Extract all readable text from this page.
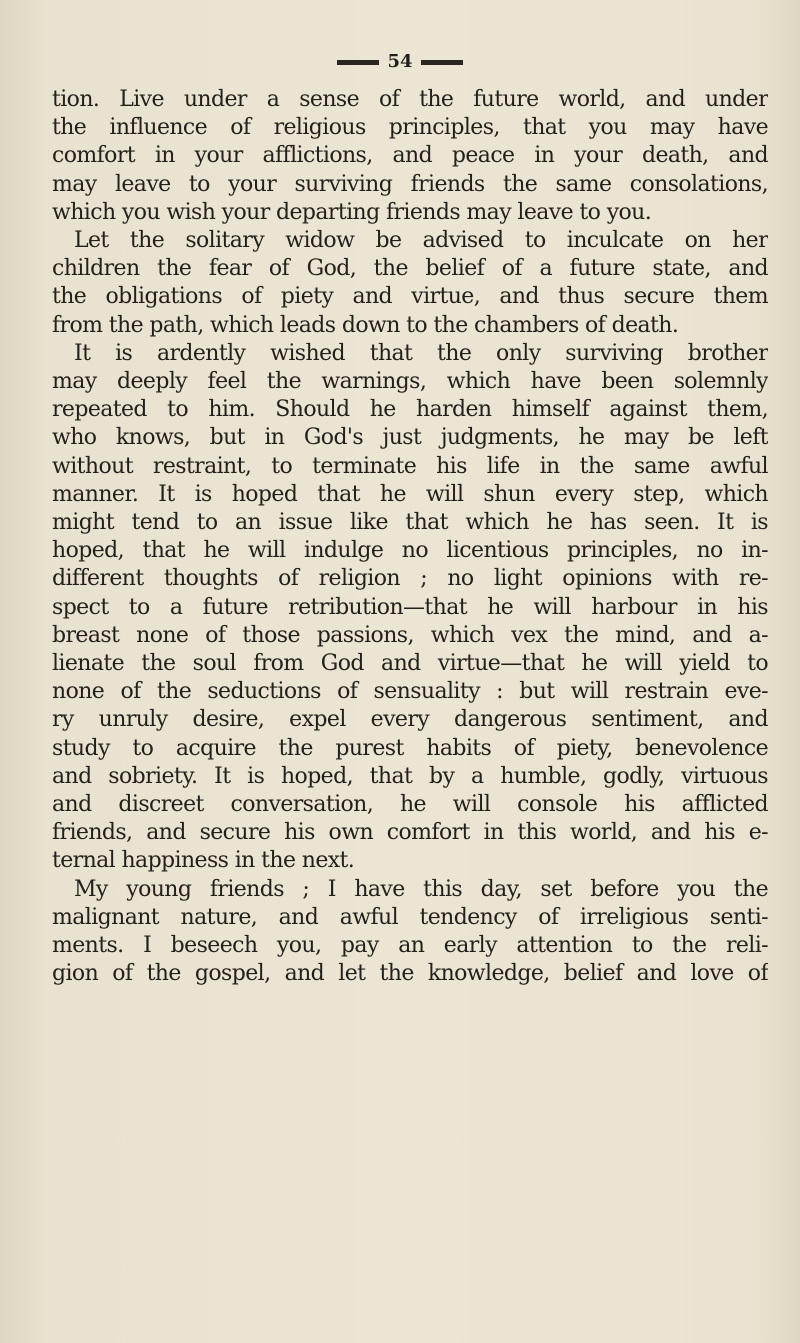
54
tion. Live under a sense of the future world, and under
the influence of religious principles, that you may have
comfort in your afflictions, and peace in your death, and
may leave to your surviving friends the same consolations,
which you wish your departing friends may leave to you.
Let the solitary widow be advised to inculcate on her
children the fear of God, the belief of a future state, and
the obligations of piety and virtue, and thus secure them
from the path, which leads down to the chambers of death.
It is ardently wished that the only surviving brother
may deeply feel the warnings, which have been solemnly
repeated to him. Should he harden himself against them,
who knows, but in God's just judgments, he may be left
without restraint, to terminate his life in the same awful
manner. It is hoped that he will shun every step, which
might tend to an issue like that which he has seen. It is
hoped, that he will indulge no licentious principles, no in-
different thoughts of religion ; no light opinions with re-
spect to a future retribution—that he will harbour in his
breast none of those passions, which vex the mind, and a-
lienate the soul from God and virtue—that he will yield to
none of the seductions of sensuality : but will restrain eve-
ry unruly desire, expel every dangerous sentiment, and
study to acquire the purest habits of piety, benevolence
and sobriety. It is hoped, that by a humble, godly, virtuous
and discreet conversation, he will console his afflicted
friends, and secure his own comfort in this world, and his e-
ternal happiness in the next.
My young friends ; I have this day, set before you the
malignant nature, and awful tendency of irreligious senti-
ments. I beseech you, pay an early attention to the reli-
gion of the gospel, and let the knowledge, belief and love of
